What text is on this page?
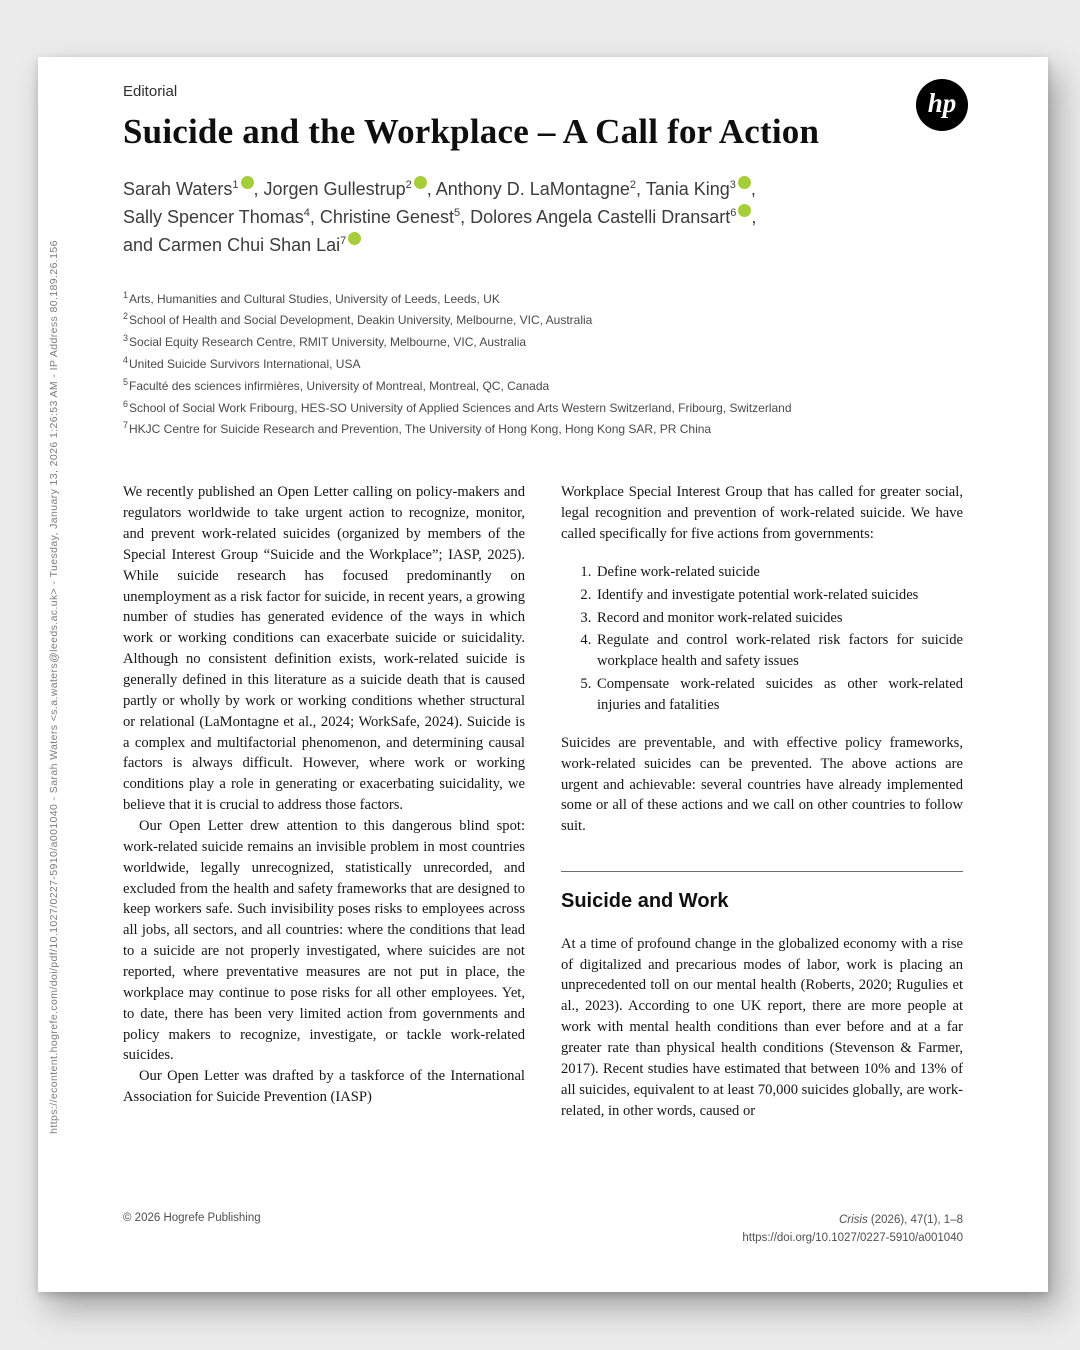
https://econtent.hogrefe.com/doi/pdf/10.1027/0227-5910/a001040 - Sarah Waters <s.a.waters@leeds.ac.uk> - Tuesday, January 13, 2026 1:26:53 AM - IP Address 80.189.26.156
Editorial	hp
Suicide and the Workplace – A Call for Action
Sarah Waters$^1$ , Jorgen Gullestrup$^2$ , Anthony D. LaMontagne$^2$, Tania King$^3$ ,
Sally Spencer Thomas$^4$, Christine Genest$^5$, Dolores Angela Castelli Dransart$^6$ ,
and Carmen Chui Shan Lai$^7$
$^1$Arts, Humanities and Cultural Studies, University of Leeds, Leeds, UK
$^2$School of Health and Social Development, Deakin University, Melbourne, VIC, Australia
$^3$Social Equity Research Centre, RMIT University, Melbourne, VIC, Australia
$^4$United Suicide Survivors International, USA
$^5$Faculté des sciences infirmières, University of Montreal, Montreal, QC, Canada
$^6$School of Social Work Fribourg, HES-SO University of Applied Sciences and Arts Western Switzerland, Fribourg, Switzerland
$^7$HKJC Centre for Suicide Research and Prevention, The University of Hong Kong, Hong Kong SAR, PR China

We recently published an Open Letter calling on policy-makers and regulators worldwide to take urgent action to recognize, monitor, and prevent work-related suicides (organized by members of the Special Interest Group “Suicide and the Workplace”; IASP, 2025). While suicide research has focused predominantly on unemployment as a risk factor for suicide, in recent years, a growing number of studies has generated evidence of the ways in which work or working conditions can exacerbate suicide or suicidality. Although no consistent definition exists, work-related suicide is generally defined in this literature as a suicide death that is caused partly or wholly by work or working conditions whether structural or relational (LaMontagne et al., 2024; WorkSafe, 2024). Suicide is a complex and multifactorial phenomenon, and determining causal factors is always difficult. However, where work or working conditions play a role in generating or exacerbating suicidality, we believe that it is crucial to address those factors.

Our Open Letter drew attention to this dangerous blind spot: work-related suicide remains an invisible problem in most countries worldwide, legally unrecognized, statistically unrecorded, and excluded from the health and safety frameworks that are designed to keep workers safe. Such invisibility poses risks to employees across all jobs, all sectors, and all countries: where the conditions that lead to a suicide are not properly investigated, where suicides are not reported, where preventative measures are not put in place, the workplace may continue to pose risks for all other employees. Yet, to date, there has been very limited action from governments and policy makers to recognize, investigate, or tackle work-related suicides.

Our Open Letter was drafted by a taskforce of the International Association for Suicide Prevention (IASP)

Workplace Special Interest Group that has called for greater social, legal recognition and prevention of work-related suicide. We have called specifically for five actions from governments:

1. Define work-related suicide
2. Identify and investigate potential work-related suicides
3. Record and monitor work-related suicides
4. Regulate and control work-related risk factors for suicide workplace health and safety issues
5. Compensate work-related suicides as other work-related injuries and fatalities

Suicides are preventable, and with effective policy frameworks, work-related suicides can be prevented. The above actions are urgent and achievable: several countries have already implemented some or all of these actions and we call on other countries to follow suit.

Suicide and Work

At a time of profound change in the globalized economy with a rise of digitalized and precarious modes of labor, work is placing an unprecedented toll on our mental health (Roberts, 2020; Rugulies et al., 2023). According to one UK report, there are more people at work with mental health conditions than ever before and at a far greater rate than physical health conditions (Stevenson & Farmer, 2017). Recent studies have estimated that between 10% and 13% of all suicides, equivalent to at least 70,000 suicides globally, are work-related, in other words, caused or

© 2026 Hogrefe Publishing	Crisis (2026), 47(1), 1–8
https://doi.org/10.1027/0227-5910/a001040
